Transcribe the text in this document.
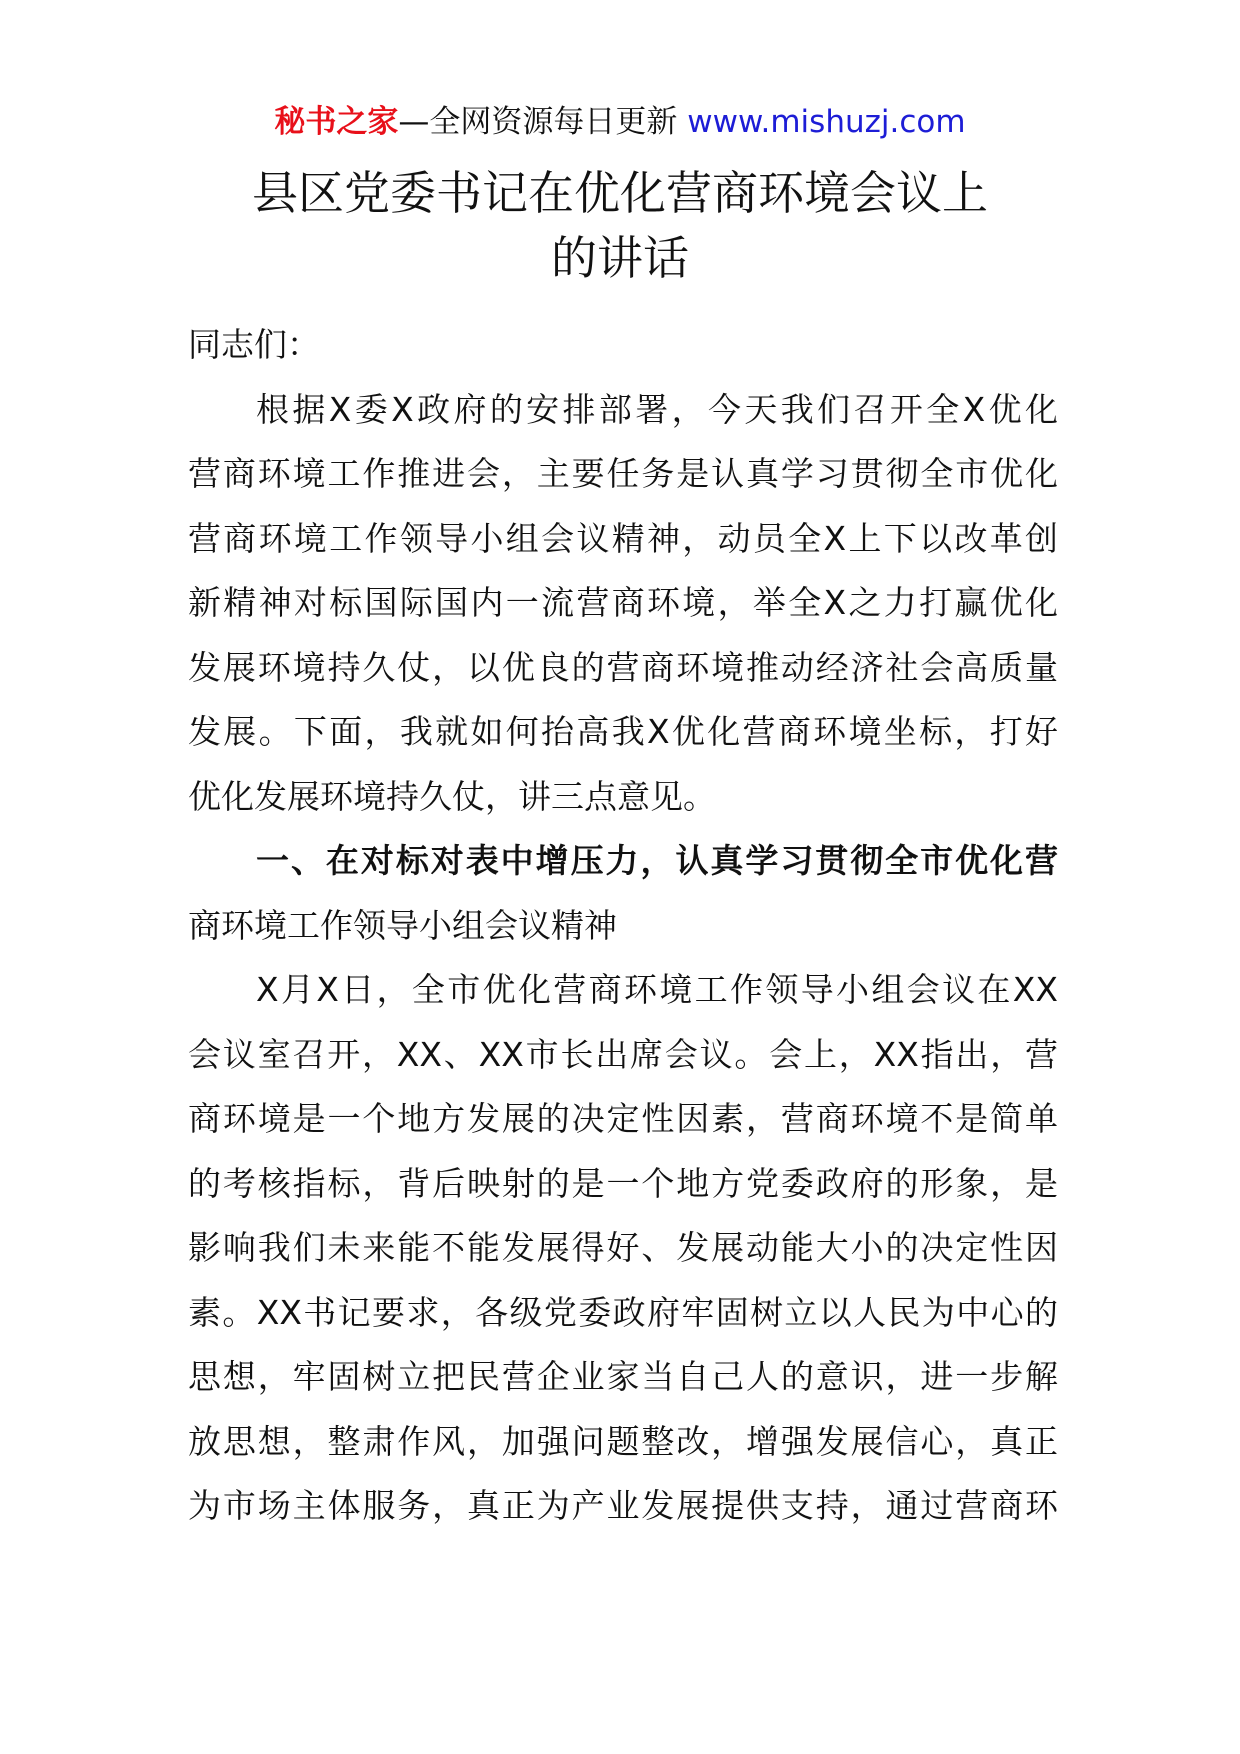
秘书之家—全网资源每日更新 www.mishuzj.com
县区党委书记在优化营商环境会议上
的讲话
同志们：
根据X委X政府的安排部署，今天我们召开全X优化
营商环境工作推进会，主要任务是认真学习贯彻全市优化
营商环境工作领导小组会议精神，动员全X上下以改革创
新精神对标国际国内一流营商环境，举全X之力打赢优化
发展环境持久仗，以优良的营商环境推动经济社会高质量
发展。下面，我就如何抬高我X优化营商环境坐标，打好
优化发展环境持久仗，讲三点意见。
一、在对标对表中增压力，认真学习贯彻全市优化营
商环境工作领导小组会议精神
X月X日，全市优化营商环境工作领导小组会议在XX
会议室召开，XX、XX市长出席会议。会上，XX指出，营
商环境是一个地方发展的决定性因素，营商环境不是简单
的考核指标，背后映射的是一个地方党委政府的形象，是
影响我们未来能不能发展得好、发展动能大小的决定性因
素。XX书记要求，各级党委政府牢固树立以人民为中心的
思想，牢固树立把民营企业家当自己人的意识，进一步解
放思想，整肃作风，加强问题整改，增强发展信心，真正
为市场主体服务，真正为产业发展提供支持，通过营商环
